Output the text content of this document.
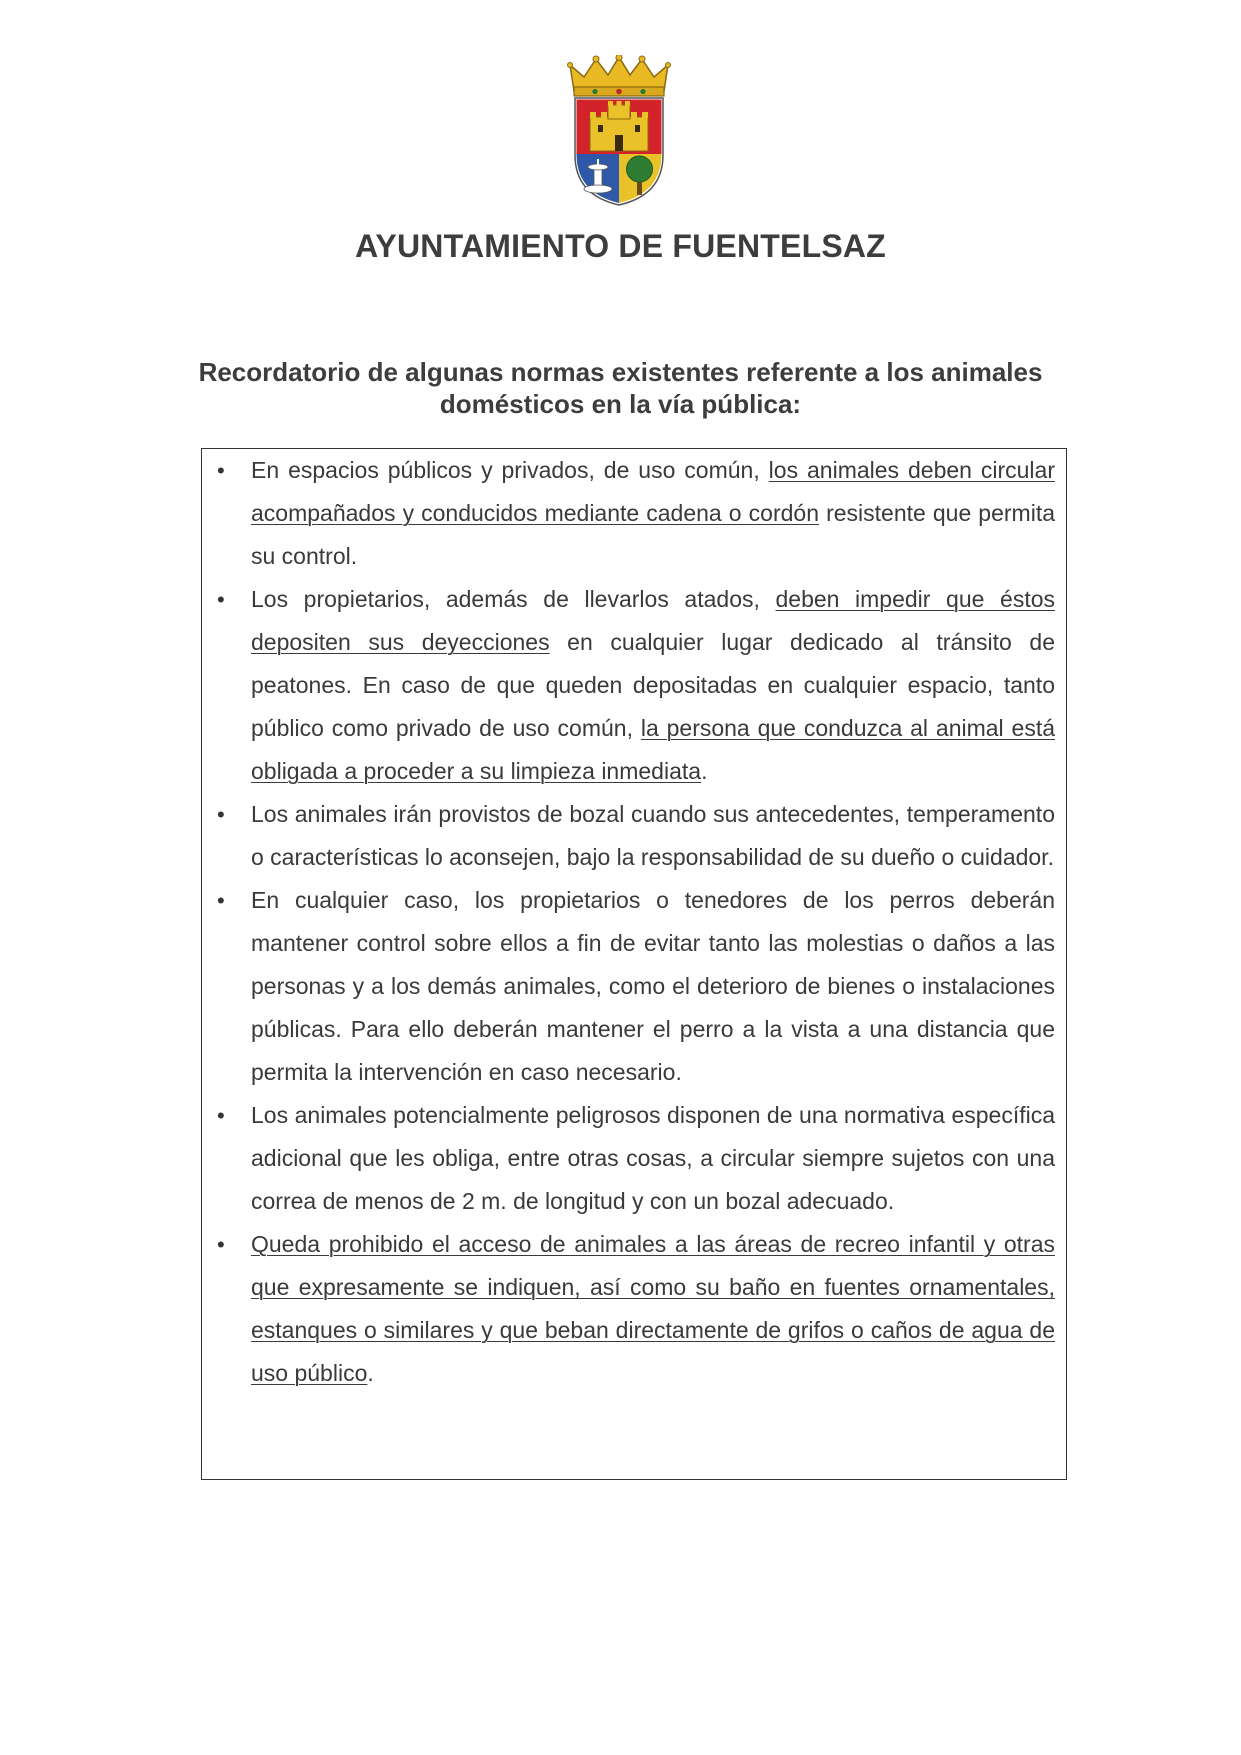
AYUNTAMIENTO DE FUENTELSAZ
Recordatorio de algunas normas existentes referente a los animales domésticos en la vía pública:
• En espacios públicos y privados, de uso común, los animales deben circular acompañados y conducidos mediante cadena o cordón resistente que permita su control.
• Los propietarios, además de llevarlos atados, deben impedir que éstos depositen sus deyecciones en cualquier lugar dedicado al tránsito de peatones. En caso de que queden depositadas en cualquier espacio, tanto público como privado de uso común, la persona que conduzca al animal está obligada a proceder a su limpieza inmediata.
• Los animales irán provistos de bozal cuando sus antecedentes, temperamento o características lo aconsejen, bajo la responsabilidad de su dueño o cuidador.
• En cualquier caso, los propietarios o tenedores de los perros deberán mantener control sobre ellos a fin de evitar tanto las molestias o daños a las personas y a los demás animales, como el deterioro de bienes o instalaciones públicas. Para ello deberán mantener el perro a la vista a una distancia que permita la intervención en caso necesario.
• Los animales potencialmente peligrosos disponen de una normativa específica adicional que les obliga, entre otras cosas, a circular siempre sujetos con una correa de menos de 2 m. de longitud y con un bozal adecuado.
• Queda prohibido el acceso de animales a las áreas de recreo infantil y otras que expresamente se indiquen, así como su baño en fuentes ornamentales, estanques o similares y que beban directamente de grifos o caños de agua de uso público.
